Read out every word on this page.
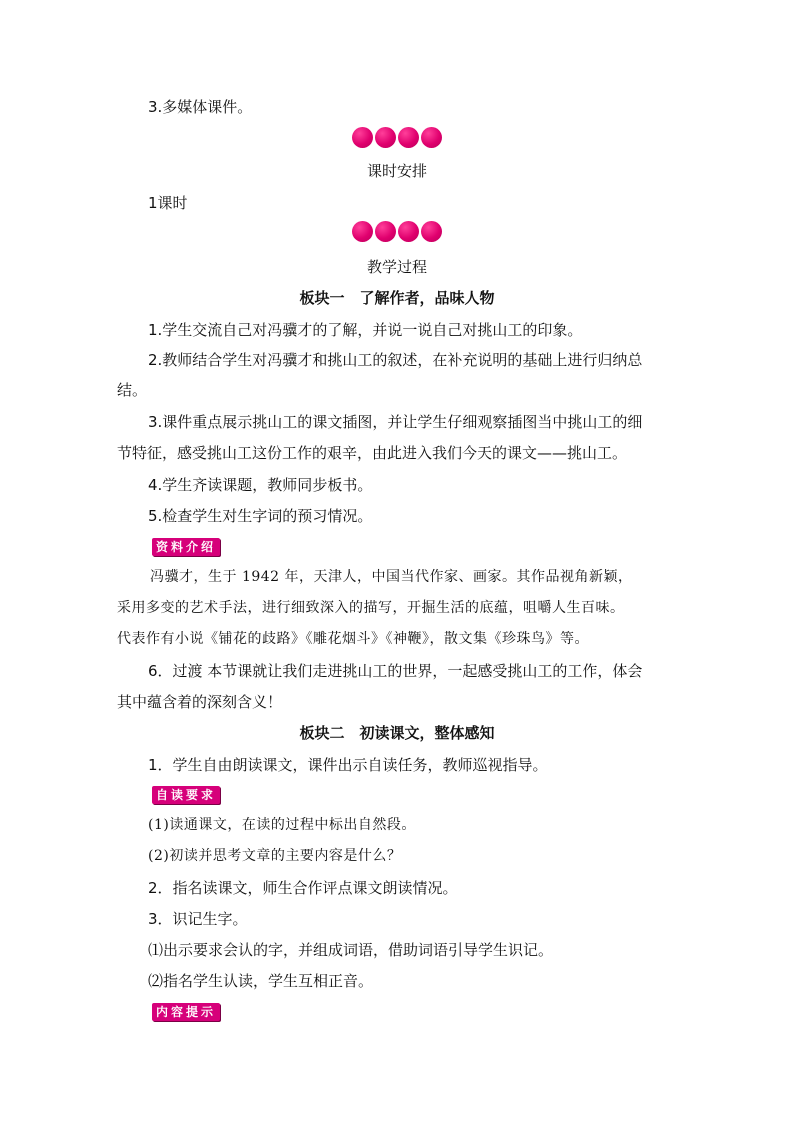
3.多媒体课件。
课时安排
1课时
教学过程
板块一　了解作者，品味人物
1.学生交流自己对冯骥才的了解，并说一说自己对挑山工的印象。
2.教师结合学生对冯骥才和挑山工的叙述，在补充说明的基础上进行归纳总
结。
3.课件重点展示挑山工的课文插图，并让学生仔细观察插图当中挑山工的细
节特征，感受挑山工这份工作的艰辛，由此进入我们今天的课文——挑山工。
4.学生齐读课题，教师同步板书。
5.检查学生对生字词的预习情况。
资料介绍
冯骥才，生于 1942 年，天津人，中国当代作家、画家。其作品视角新颖，
采用多变的艺术手法，进行细致深入的描写，开掘生活的底蕴，咀嚼人生百味。
代表作有小说《铺花的歧路》《雕花烟斗》《神鞭》，散文集《珍珠鸟》等。
6．过渡 本节课就让我们走进挑山工的世界，一起感受挑山工的工作，体会
其中蕴含着的深刻含义！
板块二　初读课文，整体感知
1．学生自由朗读课文，课件出示自读任务，教师巡视指导。
自读要求
(1)读通课文，在读的过程中标出自然段。
(2)初读并思考文章的主要内容是什么？
2．指名读课文，师生合作评点课文朗读情况。
3．识记生字。
⑴出示要求会认的字，并组成词语，借助词语引导学生识记。
⑵指名学生认读，学生互相正音。
内容提示
